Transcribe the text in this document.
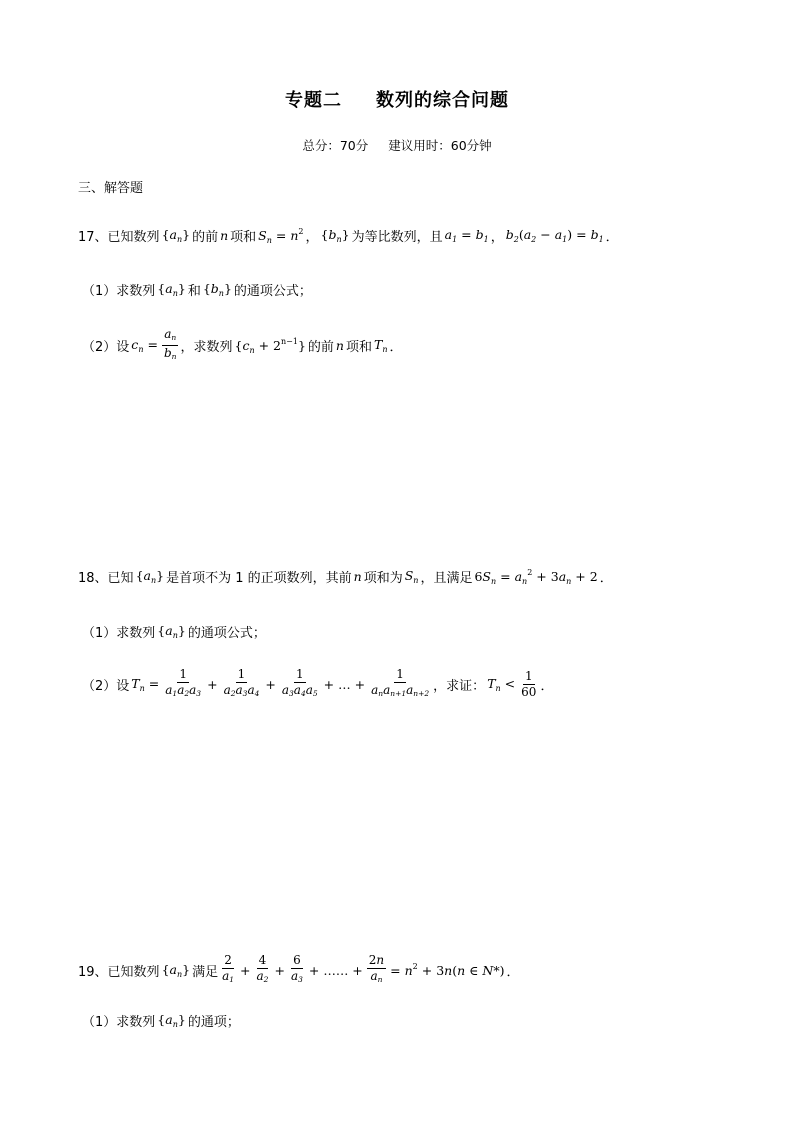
专题二 数列的综合问题
总分：70分 建议用时：60分钟
三、解答题
17、 已知数列 $\{a_n\}$ 的前 n 项和 $S_n = n^2$ ， $\{b_n\}$ 为等比数列，且 $a_1 = b_1$ ， $b_2(a_2 - a_1) = b_1$ ．
（1） 求数列 $\{a_n\}$ 和 $\{b_n\}$ 的通项公式；
（2） 设 $c_n = \frac{a_n}{b_n}$ ，求数列 $\{c_n + 2^{n-1}\}$ 的前 n 项和 $T_n$ ．
18、 已知 $\{a_n\}$ 是首项不为 1 的正项数列，其前 n 项和为 $S_n$ ，且满足 $6S_n = a_n^2 + 3a_n + 2$ ．
（1） 求数列 $\{a_n\}$ 的通项公式；
（2） 设 $T_n = \frac{1}{a_1a_2a_3} + \frac{1}{a_2a_3a_4} + \frac{1}{a_3a_4a_5}$ + … + $\frac{1}{a_na_{n+1}a_{n+2}}$ ，求证： $T_n < \frac{1}{60}$ ．
19、 已知数列 $\{a_n\}$ 满足 $\frac{2}{a_1} + \frac{4}{a_2} + \frac{6}{a_3}$ + …… + $\frac{2n}{a_n} = n^2 + 3n(n$ ∈ N*) ．
（1） 求数列 $\{a_n\}$ 的通项；
